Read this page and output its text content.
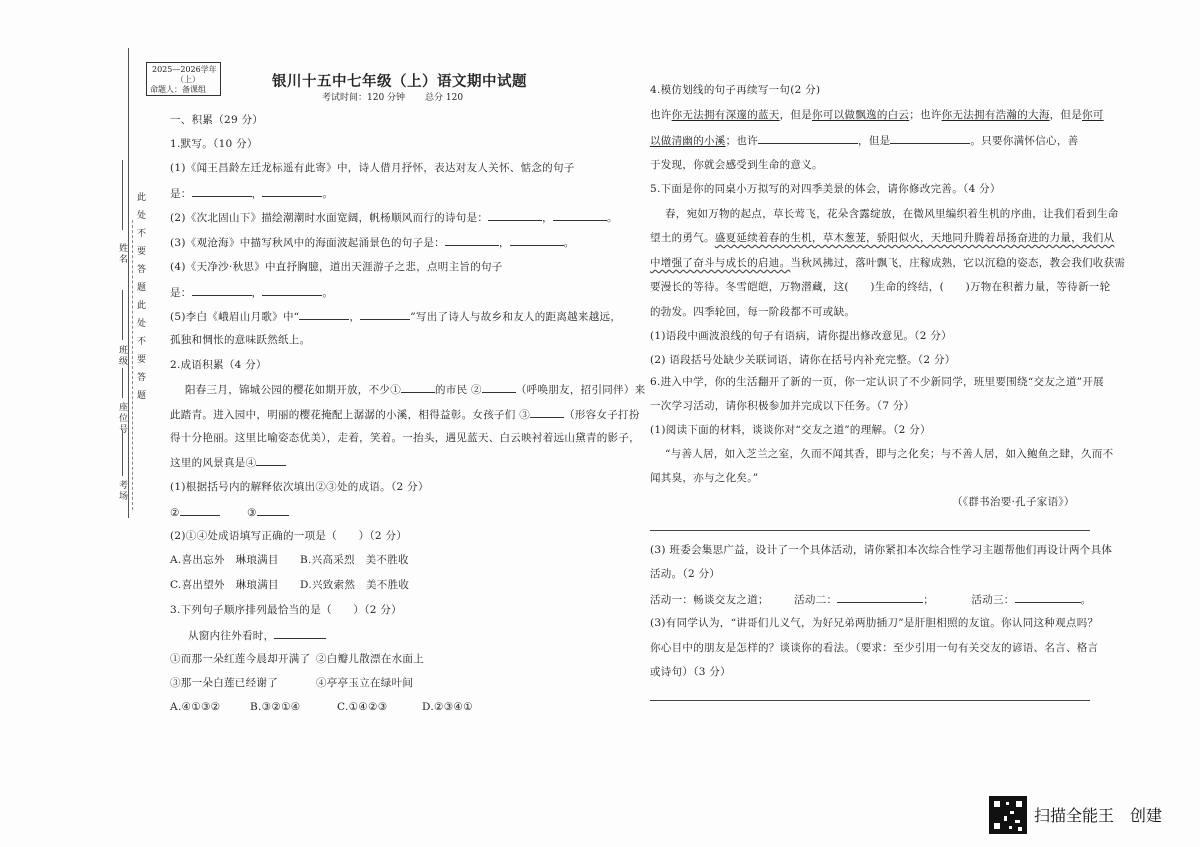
此处不要答题此处不要答题
姓名
班级
座位号
考场
2025—2026学年
（上）
命题人：备课组	银川十五中七年级（上）语文期中试题
考试时间：120 分钟 总分 120
一、积累（29 分）
1.默写。（10 分）
(1)《闻王昌龄左迁龙标遥有此寄》中，诗人借月抒怀，表达对友人关怀、惦念的句子
是：	，	。
(2)《次北固山下》描绘潮潮时水面宽阔，帆杨顺风而行的诗句是：	，	。
(3)《观沧海》中描写秋风中的海面波起涌景色的句子是：	，	。
(4)《天净沙·秋思》中直抒胸臆，道出天涯游子之悲，点明主旨的句子
是：	，	。
(5)李白《峨眉山月歌》中“	，	”写出了诗人与故乡和友人的距离越来越远，
孤独和惆怅的意味跃然纸上。
2.成语积累（4 分）
阳春三月，锦城公园的樱花如期开放，不少①	的市民 ②	（呼唤朋友，招引同伴）来
此踏青。进入园中，明丽的樱花掩配上潺潺的小溪，相得益彰。女孩子们 ③	（形容女子打扮
得十分艳丽。这里比喻姿态优美），走着，笑着。一抬头，遇见蓝天、白云映衬着远山黛青的影子，
这里的风景真是④
(1)根据括号内的解释依次填出②③处的成语。（2 分）
②	③
(2)①④处成语填写正确的一项是（　　）（2 分）
A.喜出忘外　琳琅满目 B.兴高采烈　美不胜收
C.喜出望外　琳琅满目 D.兴致索然　美不胜收
3.下列句子顺序排列最恰当的是（　　）（2 分）
从窗内往外看时，
①而那一朵红莲今晨却开满了 ②白瓣儿散漂在水面上
③那一朵白莲已经谢了	④亭亭玉立在绿叶间
A.④①③②	B.③②①④	C.①④②③	D.②③④①
4.模仿划线的句子再续写一句(2 分)
也许你无法拥有深邃的蓝天，但是你可以做飘逸的白云；也许你无法拥有浩瀚的大海，但是你可
以做清幽的小溪；也许	，但是	。只要你满怀信心，善
于发现，你就会感受到生命的意义。
5.下面是你的同桌小万拟写的对四季美景的体会，请你修改完善。（4 分）
春，宛如万物的起点，草长莺飞，花朵含露绽放，在微风里编织着生机的序曲，让我们看到生命
望土的勇气。盛夏延续着春的生机，草木葱茏，骄阳似火，天地同升腾着昂扬奋进的力量，我们从
中增强了奋斗与成长的启迪。当秋风拂过，落叶飘飞，庄稼成熟，它以沉稳的姿态，教会我们收获需
要漫长的等待。冬雪皑皑，万物潜藏，这(　　)生命的终结，(　　)万物在积蓄力量，等待新一轮
的勃发。四季轮回，每一阶段都不可或缺。
(1)语段中画波浪线的句子有语病，请你提出修改意见。（2 分）
(2) 语段括号处缺少关联词语，请你在括号内补充完整。（2 分）
6.进入中学，你的生活翻开了新的一页，你一定认识了不少新同学，班里要围绕“交友之道”开展
一次学习活动，请你积极参加并完成以下任务。（7 分）
(1)阅读下面的材料，谈谈你对“交友之道”的理解。（2 分）
“与善人居，如入芝兰之室，久而不闻其香，即与之化矣；与不善人居，如入鲍鱼之肆，久而不
闻其臭，亦与之化矣。”
（《群书治要·孔子家语》）
(3) 班委会集思广益，设计了一个具体活动，请你紧扣本次综合性学习主题帮他们再设计两个具体
活动。（2 分）
活动一：畅谈交友之道； 活动二：	；	活动三：	。
(3)有同学认为，“讲哥们儿义气，为好兄弟两肋插刀”是肝胆相照的友谊。你认同这种观点吗？
你心目中的朋友是怎样的？谈谈你的看法。（要求：至少引用一句有关交友的谚语、名言、格言
或诗句）（3 分）
扫描全能王　创建
